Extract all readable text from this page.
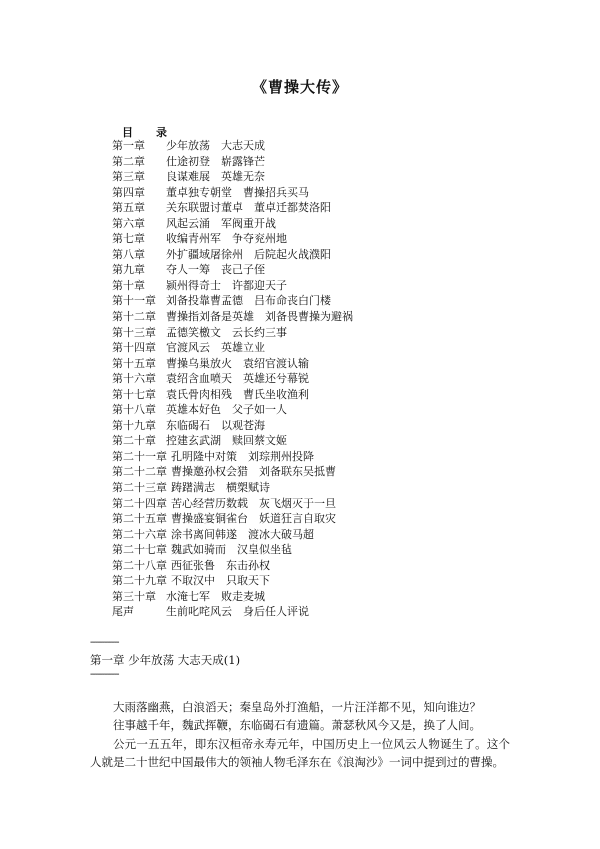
《曹操大传》
目　录
第一章 少年放荡　大志天成
第二章 仕途初登　崭露锋芒
第三章 良谋难展　英雄无奈
第四章 董卓独专朝堂　曹操招兵买马
第五章 关东联盟讨董卓　董卓迁都焚洛阳
第六章 风起云涌　军阀重开战
第七章 收编青州军　争夺兖州地
第八章 外扩疆域屠徐州　后院起火战濮阳
第九章 夺人一筹　丧己子侄
第十章 颍州得奇士　许都迎天子
第十一章 刘备投靠曹孟德　吕布命丧白门楼
第十二章 曹操指刘备是英雄　刘备畏曹操为避祸
第十三章 孟德笑檄文　云长约三事
第十四章 官渡风云　英雄立业
第十五章 曹操乌巢放火　袁绍官渡认输
第十六章 袁绍含血喷天　英雄还兮幕锐
第十七章 袁氏骨肉相残　曹氏坐收渔利
第十八章 英雄本好色　父子如一人
第十九章 东临碣石　以观苍海
第二十章 控建玄武湖　赎回蔡文姬
第二十一章 孔明隆中对策　刘琮荆州投降
第二十二章 曹操邀孙权会猎　刘备联东吴抵曹
第二十三章 踌躇满志　横槊赋诗
第二十四章 苦心经营历数载　灰飞烟灭于一旦
第二十五章 曹操盛宴铜雀台　妖道狂言自取灾
第二十六章 涂书离间韩遂　渡冰大破马超
第二十七章 魏武如骑而　汉皇似坐毡
第二十八章 西征张鲁　东击孙权
第二十九章 不取汉中　只取天下
第三十章 水淹七军　败走麦城
尾声	生前叱咤风云　身后任人评说
------------
第一章 少年放荡 大志天成(1)
------------

大雨落幽燕，白浪滔天；秦皇岛外打渔船，一片汪洋都不见，知向谁边？

往事越千年，魏武挥鞭，东临碣石有遗篇。萧瑟秋风今又是，换了人间。

公元一五五年，即东汉桓帝永寿元年，中国历史上一位风云人物诞生了。这个人就是二十世纪中国最伟大的领袖人物毛泽东在《浪淘沙》一词中提到过的曹操。
